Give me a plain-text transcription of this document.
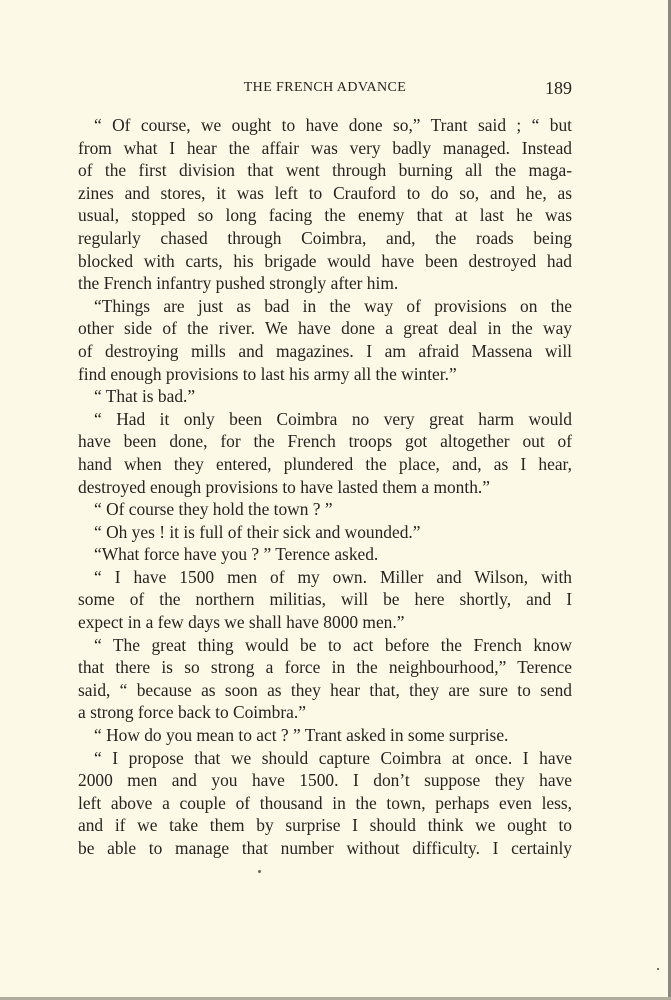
THE FRENCH ADVANCE	189
“ Of course, we ought to have done so,” Trant said ; “ but
from what I hear the affair was very badly managed. Instead
of the first division that went through burning all the maga-
zines and stores, it was left to Crauford to do so, and he, as
usual, stopped so long facing the enemy that at last he was
regularly chased through Coimbra, and, the roads being
blocked with carts, his brigade would have been destroyed had
the French infantry pushed strongly after him.
“Things are just as bad in the way of provisions on the
other side of the river. We have done a great deal in the way
of destroying mills and magazines. I am afraid Massena will
find enough provisions to last his army all the winter.”
“ That is bad.”
“ Had it only been Coimbra no very great harm would
have been done, for the French troops got altogether out of
hand when they entered, plundered the place, and, as I hear,
destroyed enough provisions to have lasted them a month.”
“ Of course they hold the town ? ”
“ Oh yes ! it is full of their sick and wounded.”
“What force have you ? ” Terence asked.
“ I have 1500 men of my own. Miller and Wilson, with
some of the northern militias, will be here shortly, and I
expect in a few days we shall have 8000 men.”
“ The great thing would be to act before the French know
that there is so strong a force in the neighbourhood,” Terence
said, “ because as soon as they hear that, they are sure to send
a strong force back to Coimbra.”
“ How do you mean to act ? ” Trant asked in some surprise.
“ I propose that we should capture Coimbra at once. I have
2000 men and you have 1500. I don’t suppose they have
left above a couple of thousand in the town, perhaps even less,
and if we take them by surprise I should think we ought to
be able to manage that number without difficulty. I certainly
